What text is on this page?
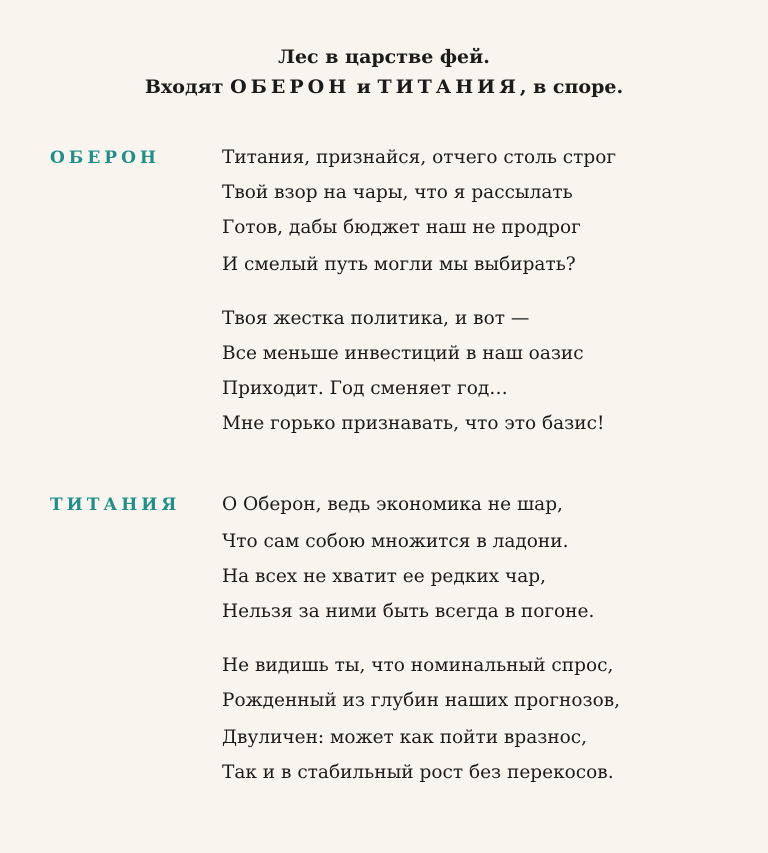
Лес в царстве фей.
Входят ОБЕРОН и ТИТАНИЯ, в споре.
ОБЕРОН	Титания, признайся, отчего столь строг
Твой взор на чары, что я рассылать
Готов, дабы бюджет наш не продрог
И смелый путь могли мы выбирать?
Твоя жестка политика, и вот —
Все меньше инвестиций в наш оазис
Приходит. Год сменяет год…
Мне горько признавать, что это базис!
ТИТАНИЯ О Оберон, ведь экономика не шар,
Что сам собою множится в ладони.
На всех не хватит ее редких чар,
Нельзя за ними быть всегда в погоне.
Не видишь ты, что номинальный спрос,
Рожденный из глубин наших прогнозов,
Двуличен: может как пойти вразнос,
Так и в стабильный рост без перекосов.
